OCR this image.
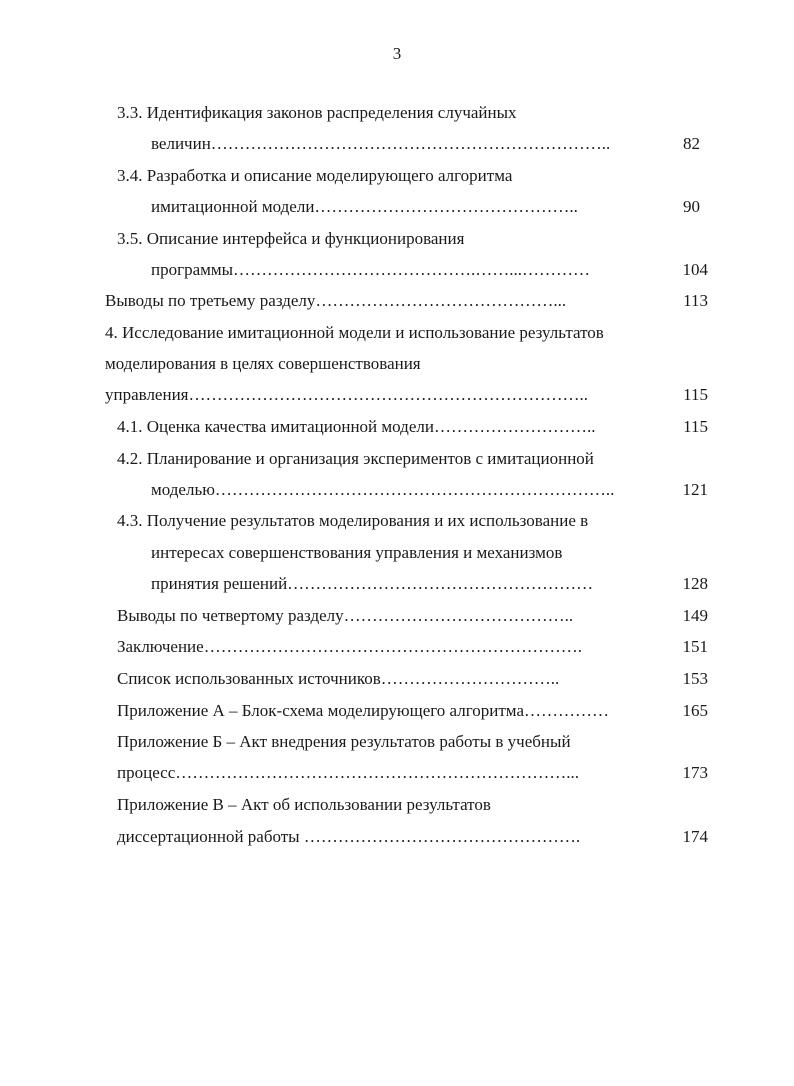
3
3.3. Идентификация законов распределения случайных
величин……………………………………………………………..	82
3.4. Разработка и описание моделирующего алгоритма
имитационной модели………………………………………..	90
3.5. Описание интерфейса и функционирования
программы…………………………………….……...…………	104
Выводы по третьему разделу……………………………………...	113
4. Исследование имитационной модели и использование результатов
моделирования в целях совершенствования
управления……………………………………………………………..	115
4.1. Оценка качества имитационной модели………………………..	115
4.2. Планирование и организация экспериментов с имитационной
моделью……………………………………………………………..	121
4.3. Получение результатов моделирования и их использование в
интересах совершенствования управления и механизмов
принятия решений………………………………………………	128
Выводы по четвертому разделу…………………………………..	149
Заключение………………………………………………………….	151
Список использованных источников…………………………..	153
Приложение А – Блок-схема моделирующего алгоритма……………	165
Приложение Б – Акт внедрения результатов работы в учебный
процесс……………………………………………………………...	173
Приложение В – Акт об использовании результатов
диссертационной работы ………………………………………….	174
